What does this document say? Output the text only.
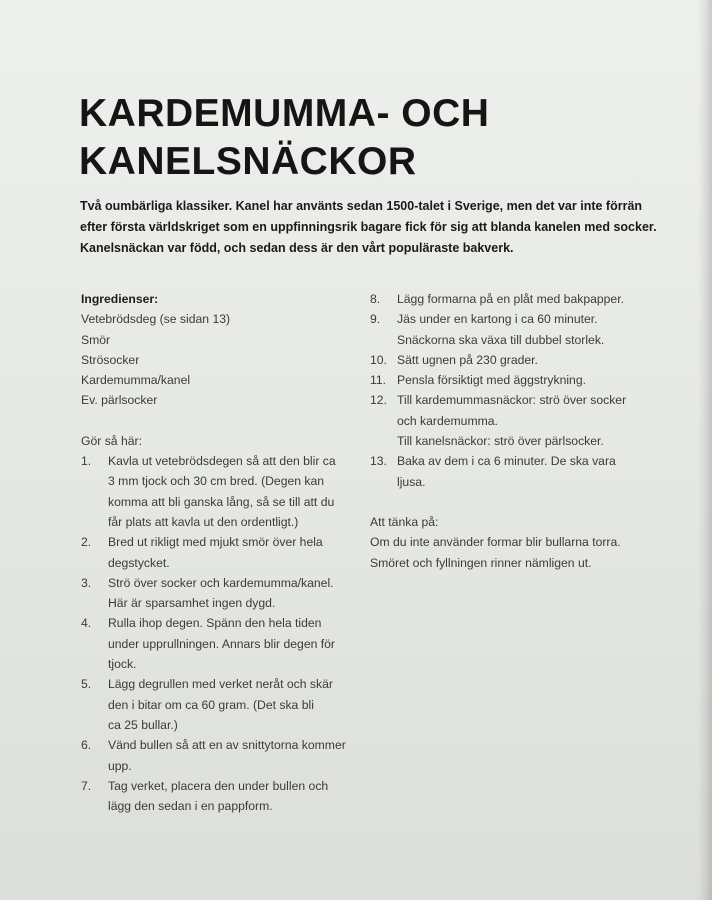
KARDEMUMMA- OCH
KANELSNÄCKOR
Två oumbärliga klassiker. Kanel har använts sedan 1500-talet i Sverige, men det var inte förrän
efter första världskriget som en uppfinningsrik bagare fick för sig att blanda kanelen med socker.
Kanelsnäckan var född, och sedan dess är den vårt populäraste bakverk.
Ingredienser:
Vetebrödsdeg (se sidan 13)
Smör
Strösocker
Kardemumma/kanel
Ev. pärlsocker
Gör så här:
1.	Kavla ut vetebrödsdegen så att den blir ca
3 mm tjock och 30 cm bred. (Degen kan
komma att bli ganska lång, så se till att du
får plats att kavla ut den ordentligt.)
2.	Bred ut rikligt med mjukt smör över hela
degstycket.
3.	Strö över socker och kardemumma/kanel.
Här är sparsamhet ingen dygd.
4.	Rulla ihop degen. Spänn den hela tiden
under upprullningen. Annars blir degen för
tjock.
5.	Lägg degrullen med verket neråt och skär
den i bitar om ca 60 gram. (Det ska bli
ca 25 bullar.)
6.	Vänd bullen så att en av snittytorna kommer
upp.
7.	Tag verket, placera den under bullen och
lägg den sedan i en pappform.
8.	Lägg formarna på en plåt med bakpapper.
9.	Jäs under en kartong i ca 60 minuter.
Snäckorna ska växa till dubbel storlek.
10. Sätt ugnen på 230 grader.
11. Pensla försiktigt med äggstrykning.
12. Till kardemummasnäckor: strö över socker
och kardemumma.
Till kanelsnäckor: strö över pärlsocker.
13. Baka av dem i ca 6 minuter. De ska vara
ljusa.
Att tänka på:
Om du inte använder formar blir bullarna torra.
Smöret och fyllningen rinner nämligen ut.
